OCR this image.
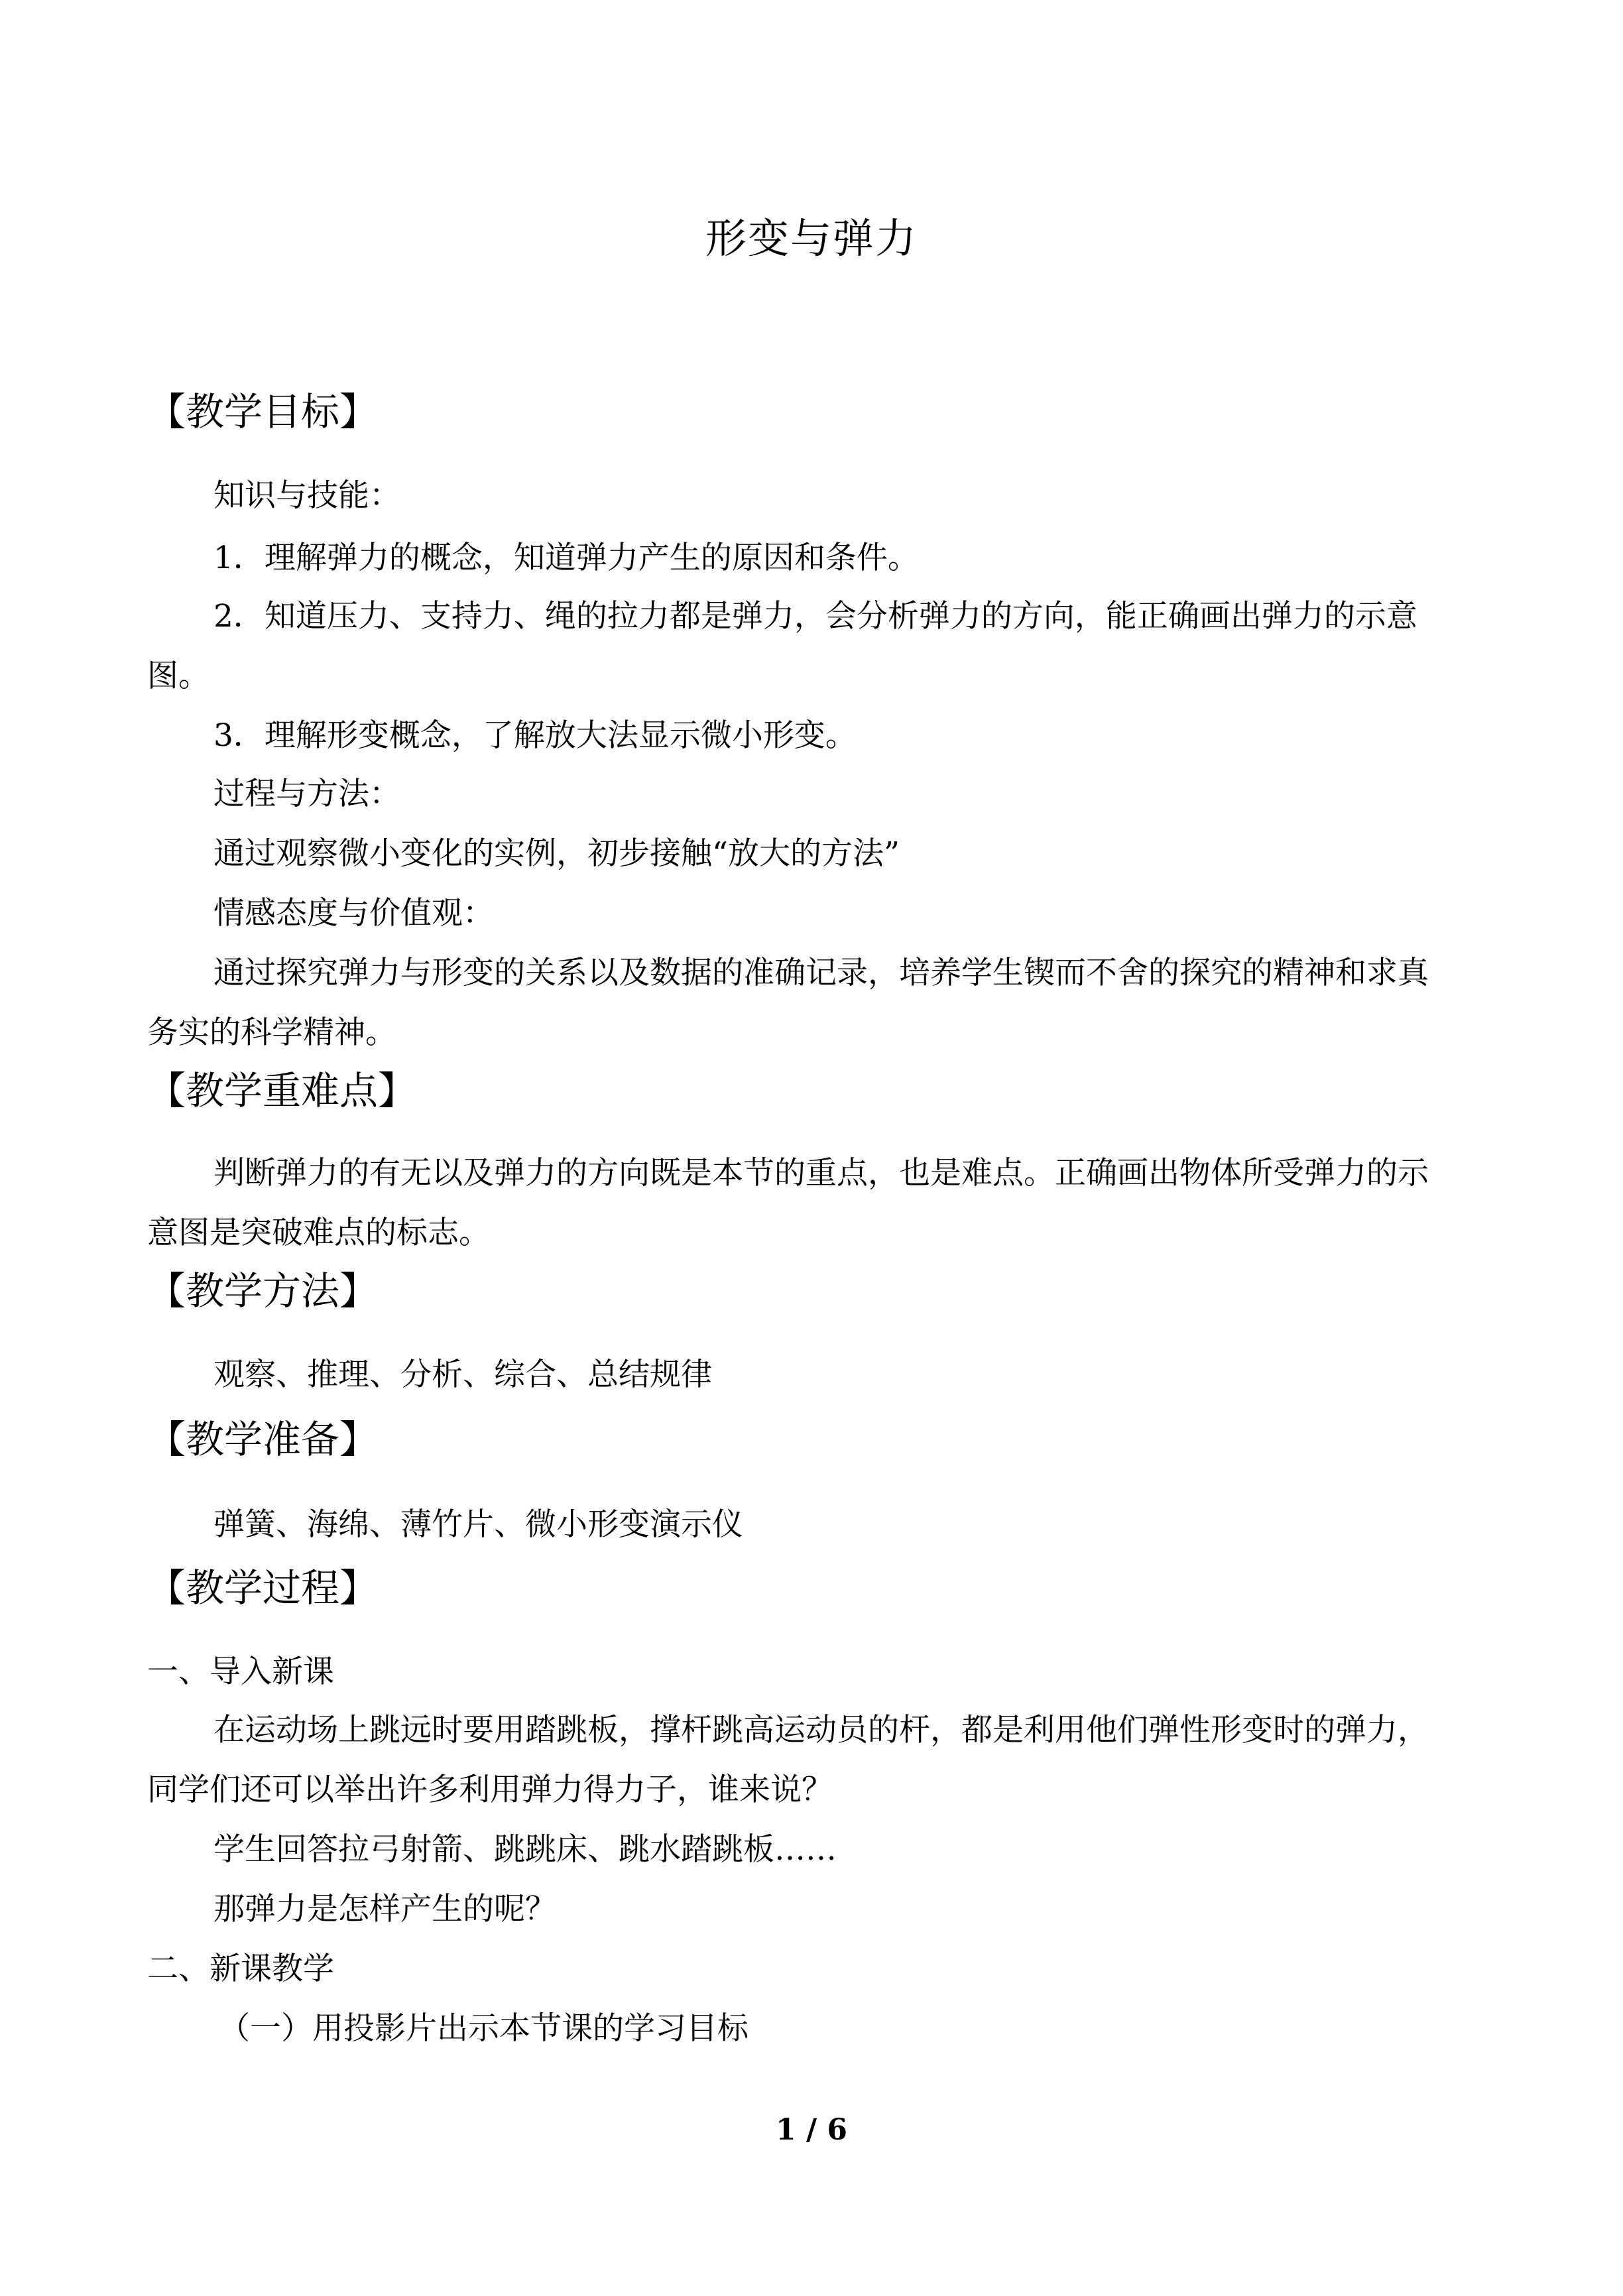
形变与弹力
【教学目标】
知识与技能：
1．理解弹力的概念，知道弹力产生的原因和条件。
2．知道压力、支持力、绳的拉力都是弹力，会分析弹力的方向，能正确画出弹力的示意
图。
3．理解形变概念，了解放大法显示微小形变。
过程与方法：
通过观察微小变化的实例，初步接触“放大的方法”
情感态度与价值观：
通过探究弹力与形变的关系以及数据的准确记录，培养学生锲而不舍的探究的精神和求真
务实的科学精神。
【教学重难点】
判断弹力的有无以及弹力的方向既是本节的重点，也是难点。正确画出物体所受弹力的示
意图是突破难点的标志。
【教学方法】
观察、推理、分析、综合、总结规律
【教学准备】
弹簧、海绵、薄竹片、微小形变演示仪
【教学过程】
一、导入新课
在运动场上跳远时要用踏跳板，撑杆跳高运动员的杆，都是利用他们弹性形变时的弹力，
同学们还可以举出许多利用弹力得力子，谁来说？
学生回答拉弓射箭、跳跳床、跳水踏跳板……
那弹力是怎样产生的呢？
二、新课教学
（一）用投影片出示本节课的学习目标
1 / 6
